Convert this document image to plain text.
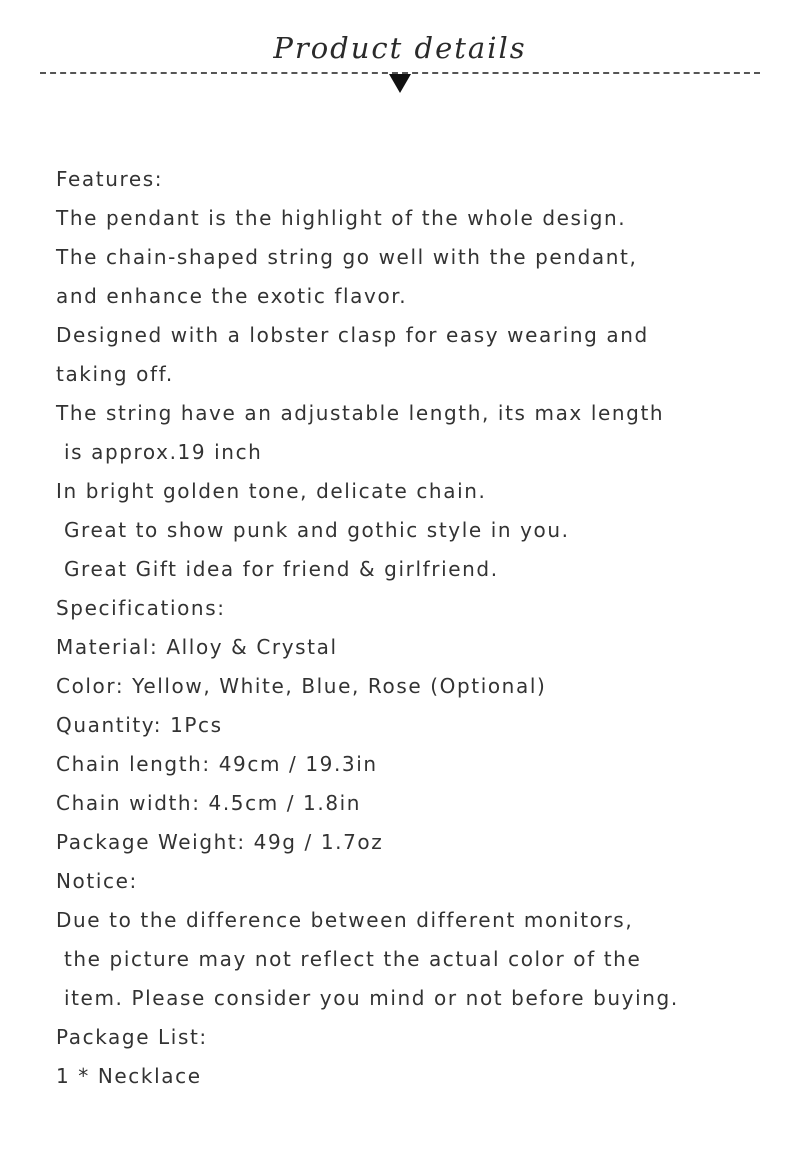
Product details
Features:
The pendant is the highlight of the whole design.
The chain-shaped string go well with the pendant,
and enhance the exotic flavor.
Designed with a lobster clasp for easy wearing and
taking off.
The string have an adjustable length, its max length
is approx.19 inch
In bright golden tone, delicate chain.
Great to show punk and gothic style in you.
Great Gift idea for friend & girlfriend.
Specifications:
Material: Alloy & Crystal
Color: Yellow, White, Blue, Rose (Optional)
Quantity: 1Pcs
Chain length: 49cm / 19.3in
Chain width: 4.5cm / 1.8in
Package Weight: 49g / 1.7oz
Notice:
Due to the difference between different monitors,
the picture may not reflect the actual color of the
item. Please consider you mind or not before buying.
Package List:
1 * Necklace
